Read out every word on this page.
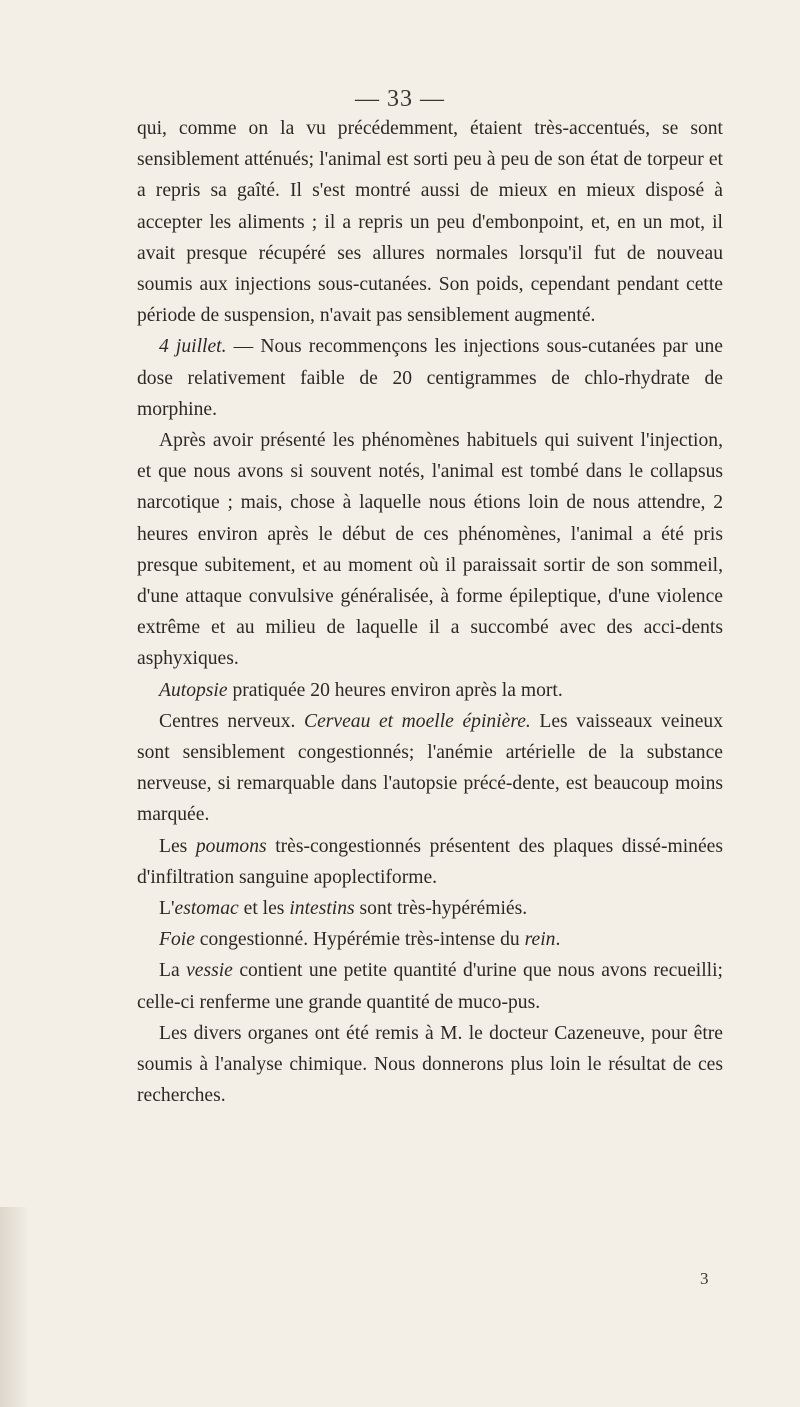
— 33 —

qui, comme on la vu précédemment, étaient très-accentués, se sont sensiblement atténués; l'animal est sorti peu à peu de son état de torpeur et a repris sa gaîté. Il s'est montré aussi de mieux en mieux disposé à accepter les aliments ; il a repris un peu d'embonpoint, et, en un mot, il avait presque récupéré ses allures normales lorsqu'il fut de nouveau soumis aux injections sous-cutanées. Son poids, cependant pendant cette période de suspension, n'avait pas sensiblement augmenté.

4 juillet. — Nous recommençons les injections sous-cutanées par une dose relativement faible de 20 centigrammes de chlo-rhydrate de morphine.

Après avoir présenté les phénomènes habituels qui suivent l'injection, et que nous avons si souvent notés, l'animal est tombé dans le collapsus narcotique ; mais, chose à laquelle nous étions loin de nous attendre, 2 heures environ après le début de ces phénomènes, l'animal a été pris presque subitement, et au moment où il paraissait sortir de son sommeil, d'une attaque convulsive généralisée, à forme épileptique, d'une violence extrême et au milieu de laquelle il a succombé avec des acci-dents asphyxiques.

Autopsie pratiquée 20 heures environ après la mort.

Centres nerveux. Cerveau et moelle épinière. Les vaisseaux veineux sont sensiblement congestionnés; l'anémie artérielle de la substance nerveuse, si remarquable dans l'autopsie précé-dente, est beaucoup moins marquée.

Les poumons très-congestionnés présentent des plaques dissé-minées d'infiltration sanguine apoplectiforme.

L'estomac et les intestins sont très-hypérémiés.

Foie congestionné. Hypérémie très-intense du rein.

La vessie contient une petite quantité d'urine que nous avons recueilli; celle-ci renferme une grande quantité de muco-pus.

Les divers organes ont été remis à M. le docteur Cazeneuve, pour être soumis à l'analyse chimique. Nous donnerons plus loin le résultat de ces recherches.

3
